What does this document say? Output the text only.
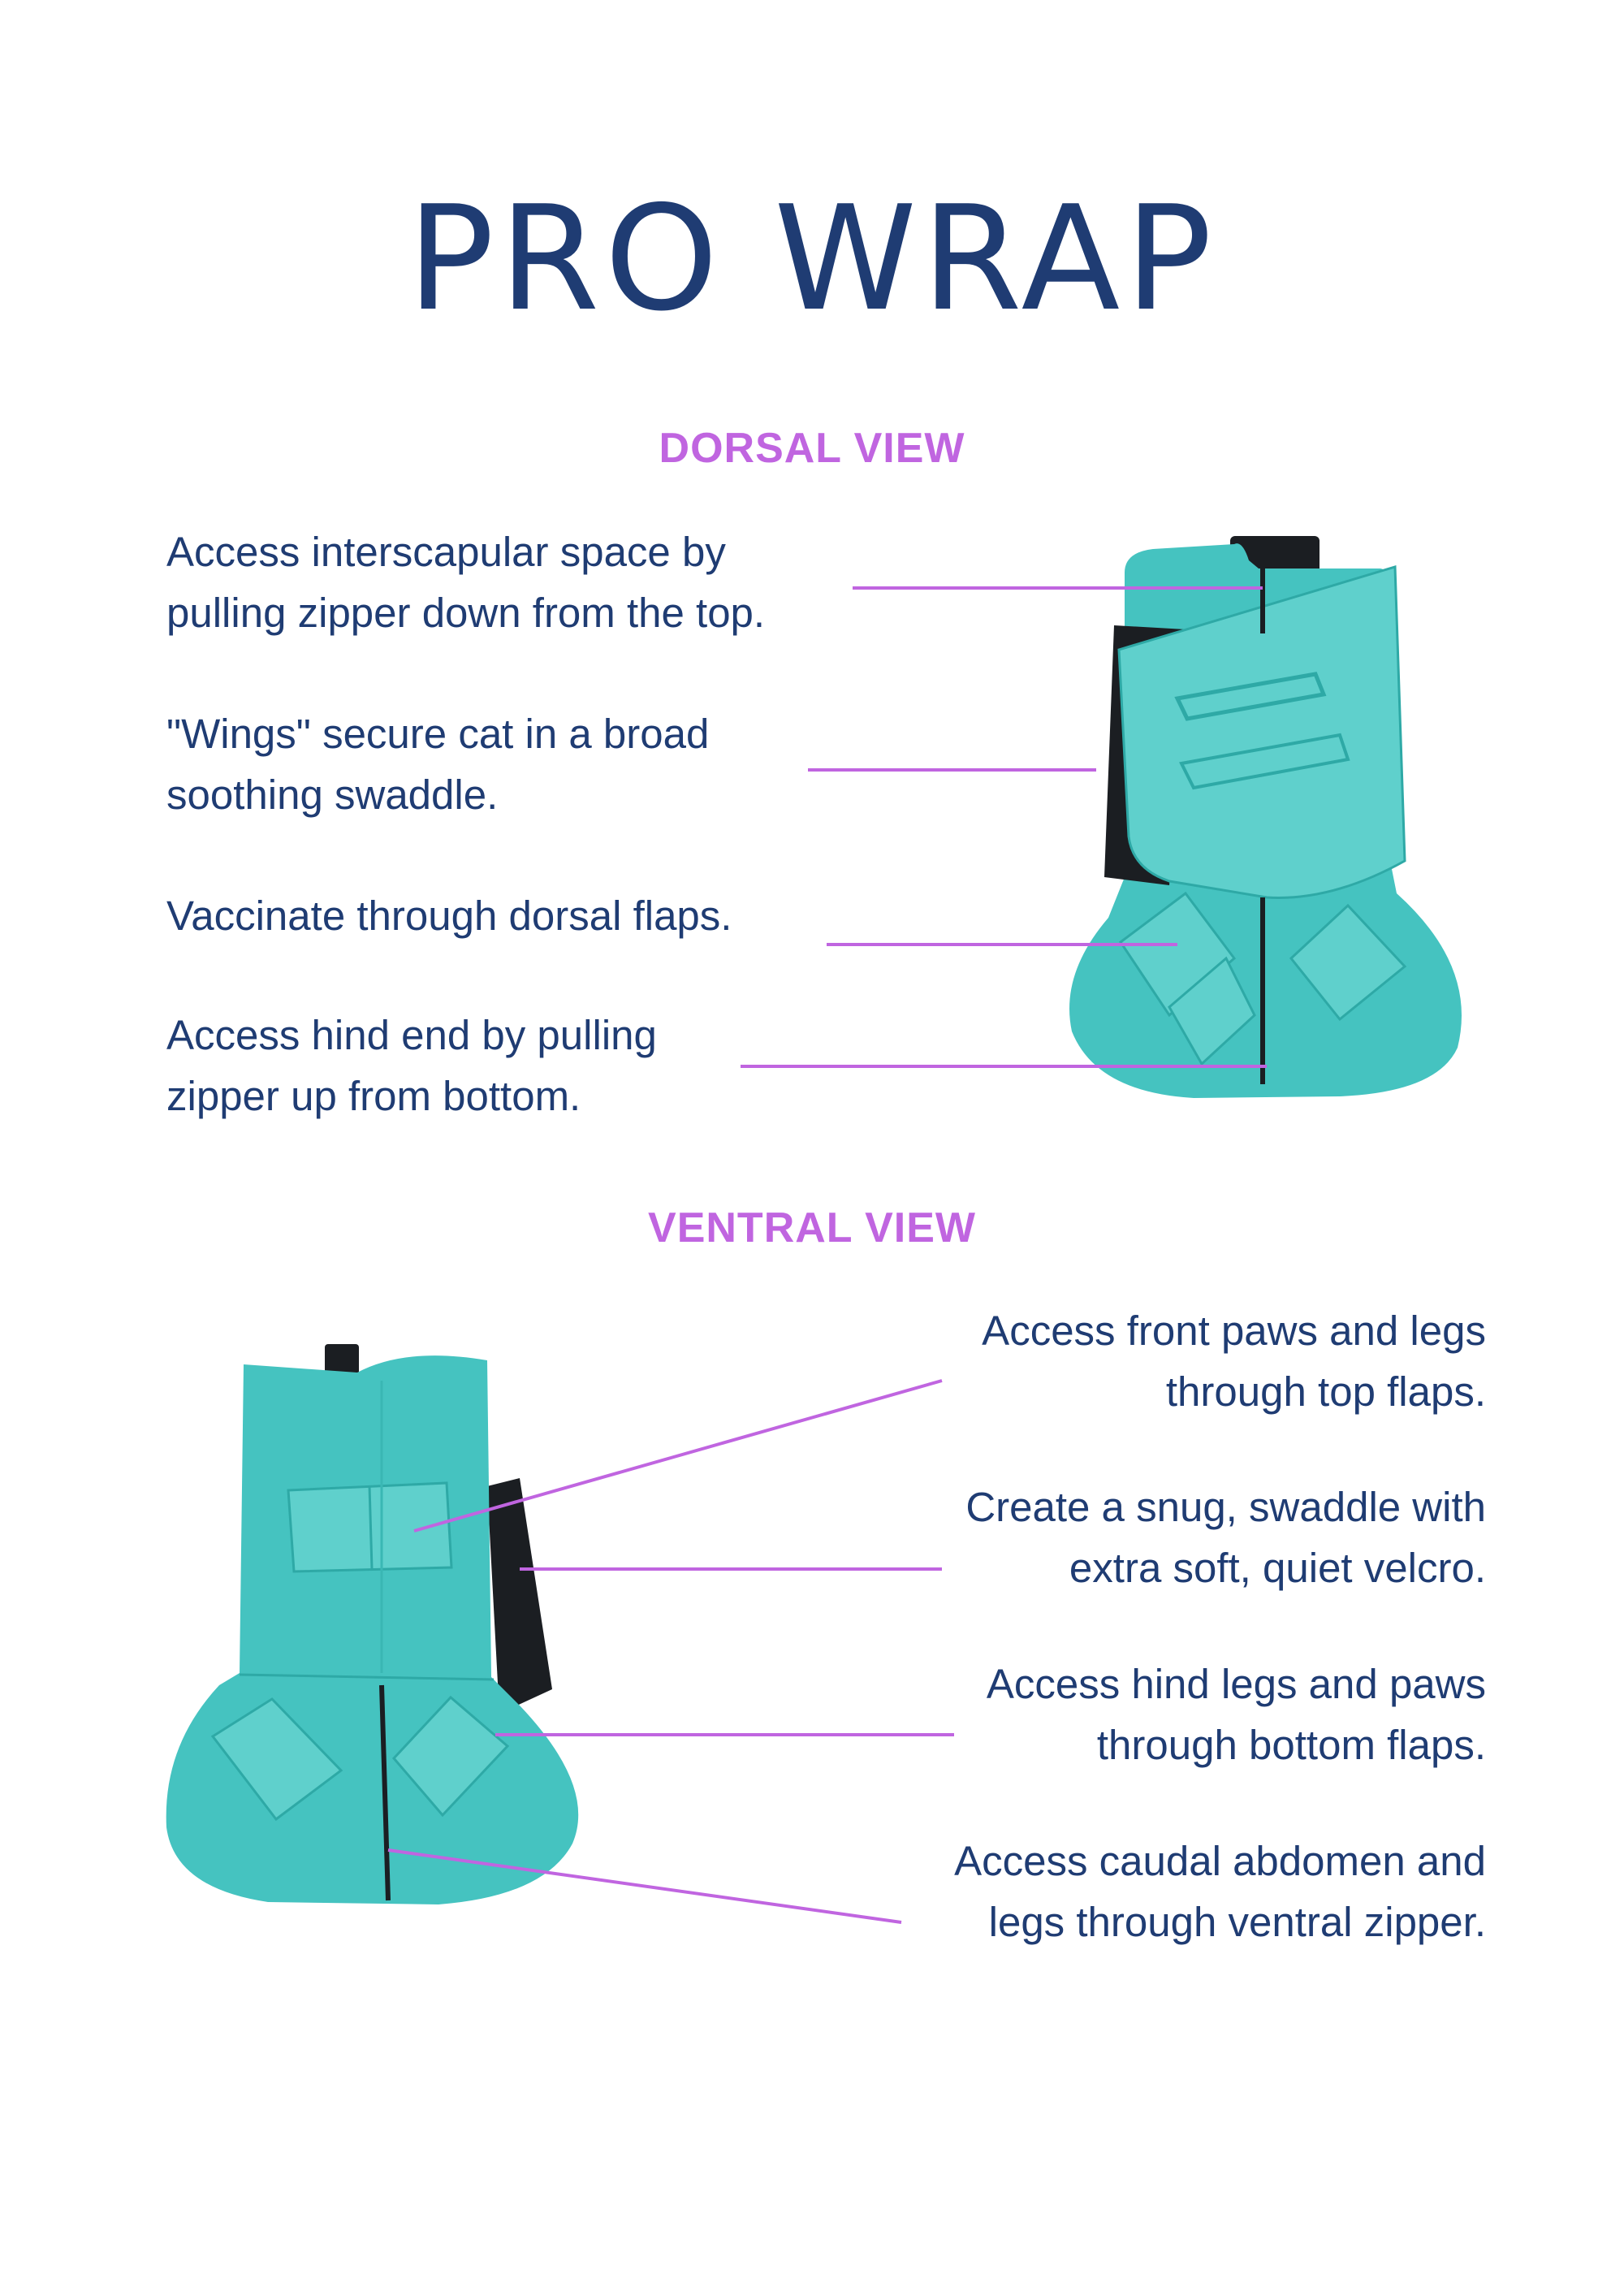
PRO WRAP
DORSAL VIEW
Access interscapular space by
pulling zipper down from the top.
"Wings" secure cat in a broad
soothing swaddle.
Vaccinate through dorsal flaps.
Access hind end by pulling
zipper up from bottom.
VENTRAL VIEW
Access front paws and legs
through top flaps.
Create a snug, swaddle with
extra soft, quiet velcro.
Access hind legs and paws
through bottom flaps.
Access caudal abdomen and
legs through ventral zipper.
